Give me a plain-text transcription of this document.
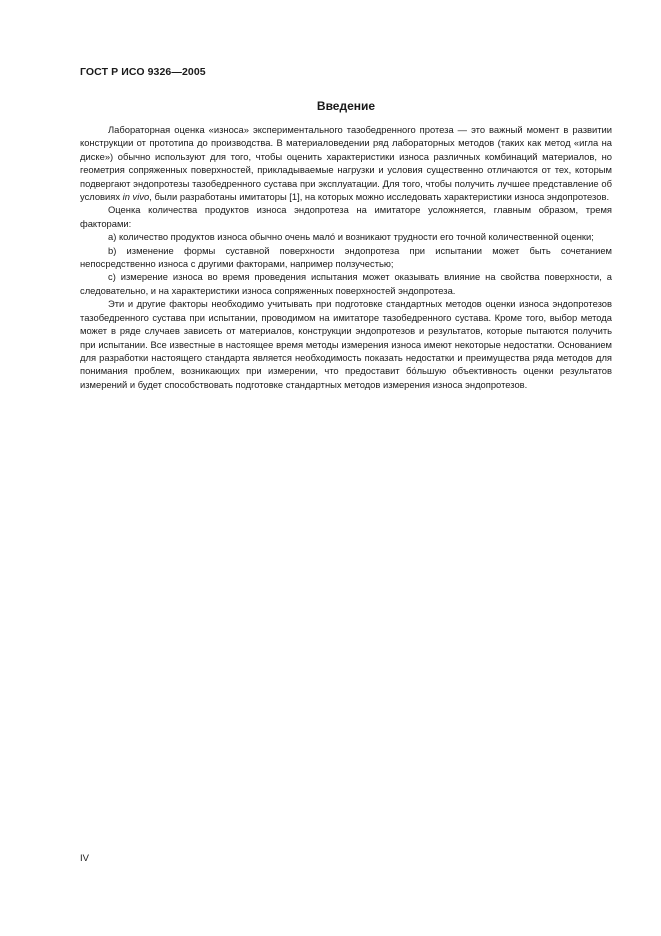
ГОСТ Р ИСО 9326—2005
Введение

Лабораторная оценка «износа» экспериментального тазобедренного протеза — это важный момент в развитии конструкции от прототипа до производства. В материаловедении ряд лабораторных методов (таких как метод «игла на диске») обычно используют для того, чтобы оценить характеристики износа различных комбинаций материалов, но геометрия сопряженных поверхностей, прикладываемые нагрузки и условия существенно отличаются от тех, которым подвергают эндопротезы тазобедренного сустава при эксплуатации. Для того, чтобы получить лучшее представление об условиях in vivo, были разработаны имитаторы [1], на которых можно исследовать характеристики износа эндопротезов.

Оценка количества продуктов износа эндопротеза на имитаторе усложняется, главным образом, тремя факторами:

a) количество продуктов износа обычно очень мало́ и возникают трудности его точной количественной оценки;

b) изменение формы суставной поверхности эндопротеза при испытании может быть сочетанием непосредственно износа с другими факторами, например ползучестью;

c) измерение износа во время проведения испытания может оказывать влияние на свойства поверхности, а следовательно, и на характеристики износа сопряженных поверхностей эндопротеза.

Эти и другие факторы необходимо учитывать при подготовке стандартных методов оценки износа эндопротезов тазобедренного сустава при испытании, проводимом на имитаторе тазобедренного сустава. Кроме того, выбор метода может в ряде случаев зависеть от материалов, конструкции эндопротезов и результатов, которые пытаются получить при испытании. Все известные в настоящее время методы измерения износа имеют некоторые недостатки. Основанием для разработки настоящего стандарта является необходимость показать недостатки и преимущества ряда методов для понимания проблем, возникающих при измерении, что предоставит бо́льшую объективность оценки результатов измерений и будет способствовать подготовке стандартных методов измерения износа эндопротезов.

IV
